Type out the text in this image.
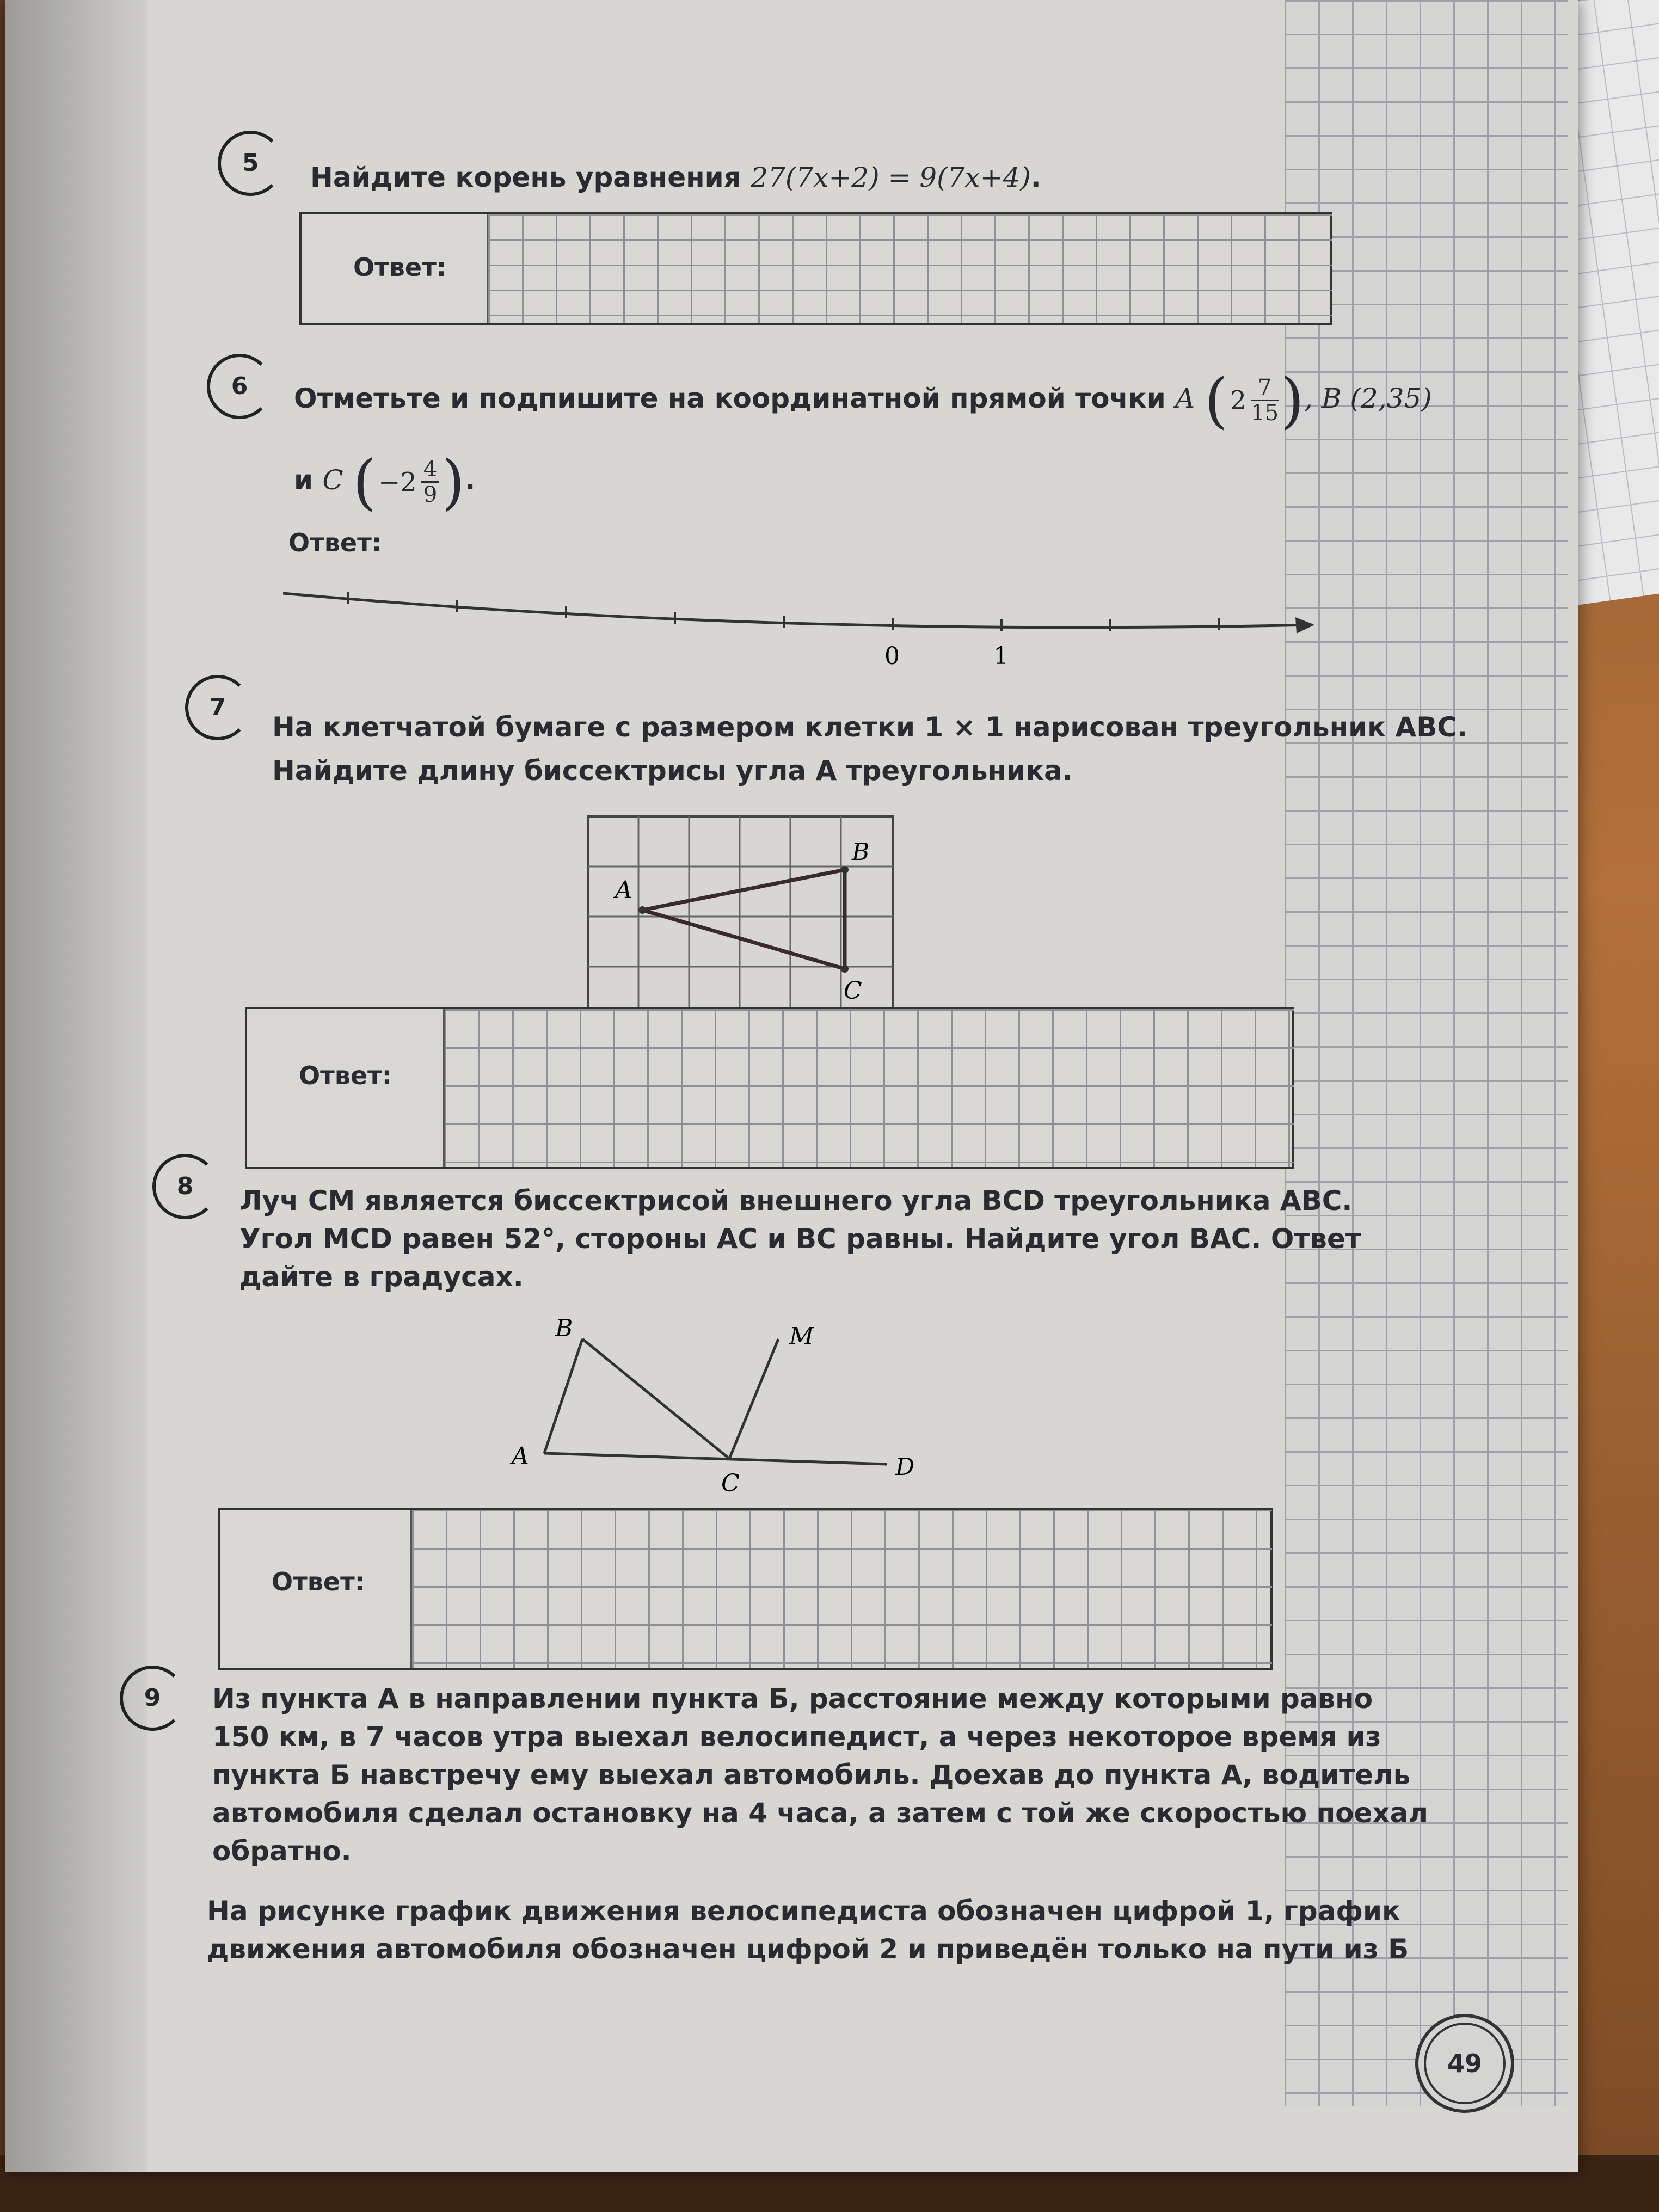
5	Найдите корень уравнения 27(7x+2) = 9(7x+4).
Ответ:
6	Отметьте и подпишите на координатной прямой точки A ($2 \frac{7}{15}$ ), B (2,35)
и C ($-2 \frac{4}{9}$ ).
Ответ:
0	1
7
На клетчатой бумаге с размером клетки 1 × 1 нарисован треугольник ABC.
Найдите длину биссектрисы угла A треугольника.
A
B
C
Ответ:
8	Луч CM является биссектрисой внешнего угла BCD треугольника ABC.
Угол MCD равен 52°, стороны AC и BC равны. Найдите угол BAC. Ответ
дайте в градусах.
A
B
C
D
M
Ответ:
9	Из пункта А в направлении пункта Б, расстояние между которыми равно
150 км, в 7 часов утра выехал велосипедист, а через некоторое время из
пункта Б навстречу ему выехал автомобиль. Доехав до пункта А, водитель
автомобиля сделал остановку на 4 часа, а затем с той же скоростью поехал
обратно.
На рисунке график движения велосипедиста обозначен цифрой 1, график
движения автомобиля обозначен цифрой 2 и приведён только на пути из Б
49
